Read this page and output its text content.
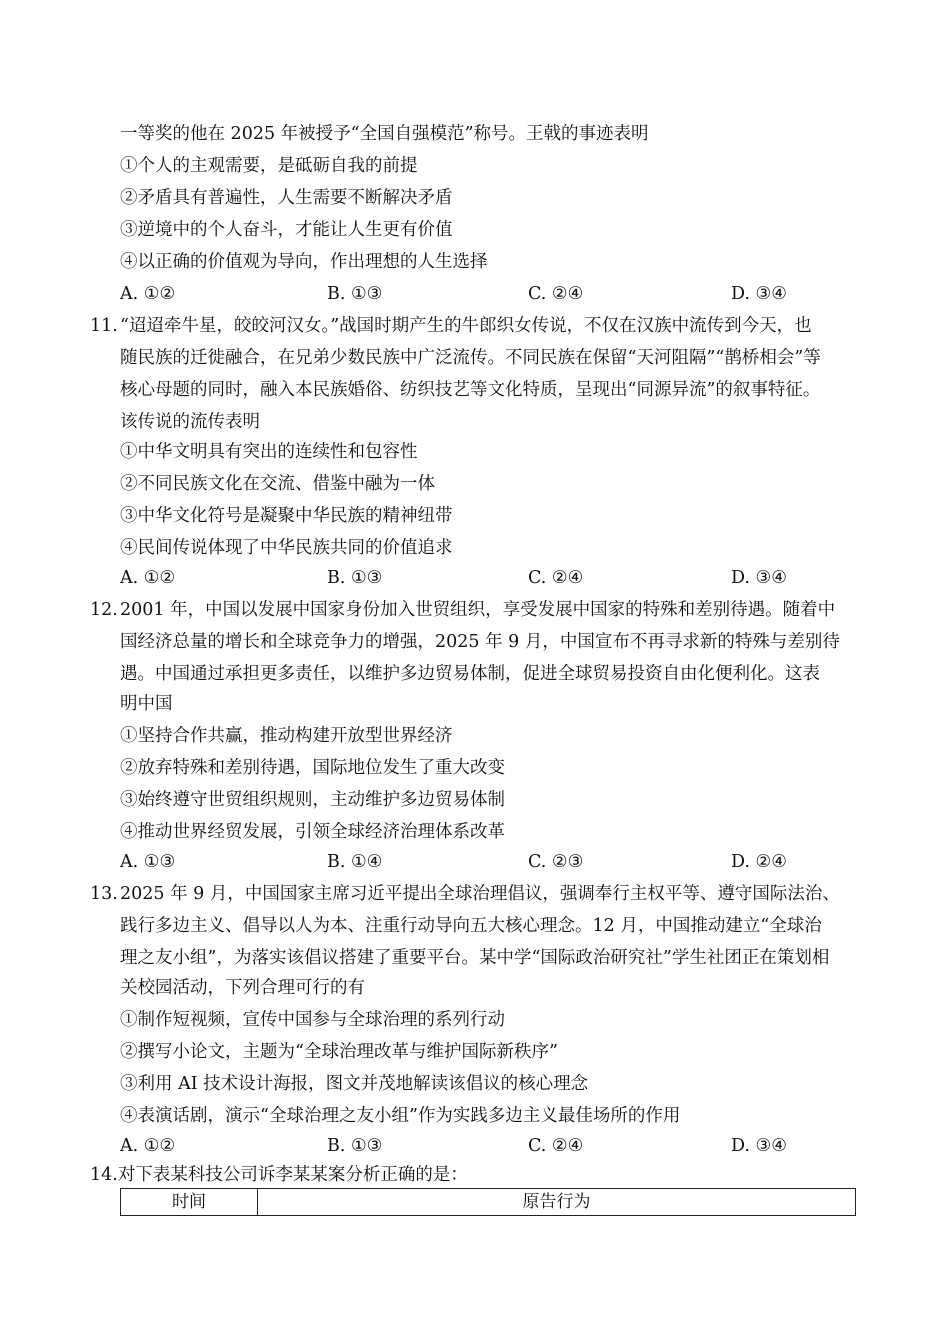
一等奖的他在 2025 年被授予“全国自强模范”称号。王戟的事迹表明
①个人的主观需要，是砥砺自我的前提
②矛盾具有普遍性，人生需要不断解决矛盾
③逆境中的个人奋斗，才能让人生更有价值
④以正确的价值观为导向，作出理想的人生选择
A. ①②	B. ①③	C. ②④	D. ③④
11. “迢迢牵牛星，皎皎河汉女。”战国时期产生的牛郎织女传说，不仅在汉族中流传到今天，也
随民族的迁徙融合，在兄弟少数民族中广泛流传。不同民族在保留“天河阻隔”“鹊桥相会”等
核心母题的同时，融入本民族婚俗、纺织技艺等文化特质，呈现出“同源异流”的叙事特征。
该传说的流传表明
①中华文明具有突出的连续性和包容性
②不同民族文化在交流、借鉴中融为一体
③中华文化符号是凝聚中华民族的精神纽带
④民间传说体现了中华民族共同的价值追求
A. ①②	B. ①③	C. ②④	D. ③④
12. 2001 年，中国以发展中国家身份加入世贸组织，享受发展中国家的特殊和差别待遇。随着中
国经济总量的增长和全球竞争力的增强，2025 年 9 月，中国宣布不再寻求新的特殊与差别待
遇。中国通过承担更多责任，以维护多边贸易体制，促进全球贸易投资自由化便利化。这表
明中国
①坚持合作共赢，推动构建开放型世界经济
②放弃特殊和差别待遇，国际地位发生了重大改变
③始终遵守世贸组织规则，主动维护多边贸易体制
④推动世界经贸发展，引领全球经济治理体系改革
A. ①③	B. ①④	C. ②③	D. ②④
13. 2025 年 9 月，中国国家主席习近平提出全球治理倡议，强调奉行主权平等、遵守国际法治、
践行多边主义、倡导以人为本、注重行动导向五大核心理念。12 月，中国推动建立“全球治
理之友小组”，为落实该倡议搭建了重要平台。某中学“国际政治研究社”学生社团正在策划相
关校园活动，下列合理可行的有
①制作短视频，宣传中国参与全球治理的系列行动
②撰写小论文，主题为“全球治理改革与维护国际新秩序”
③利用 AI 技术设计海报，图文并茂地解读该倡议的核心理念
④表演话剧，演示“全球治理之友小组”作为实践多边主义最佳场所的作用
A. ①②	B. ①③	C. ②④	D. ③④
14.对下表某科技公司诉李某某案分析正确的是：
时间	原告行为
